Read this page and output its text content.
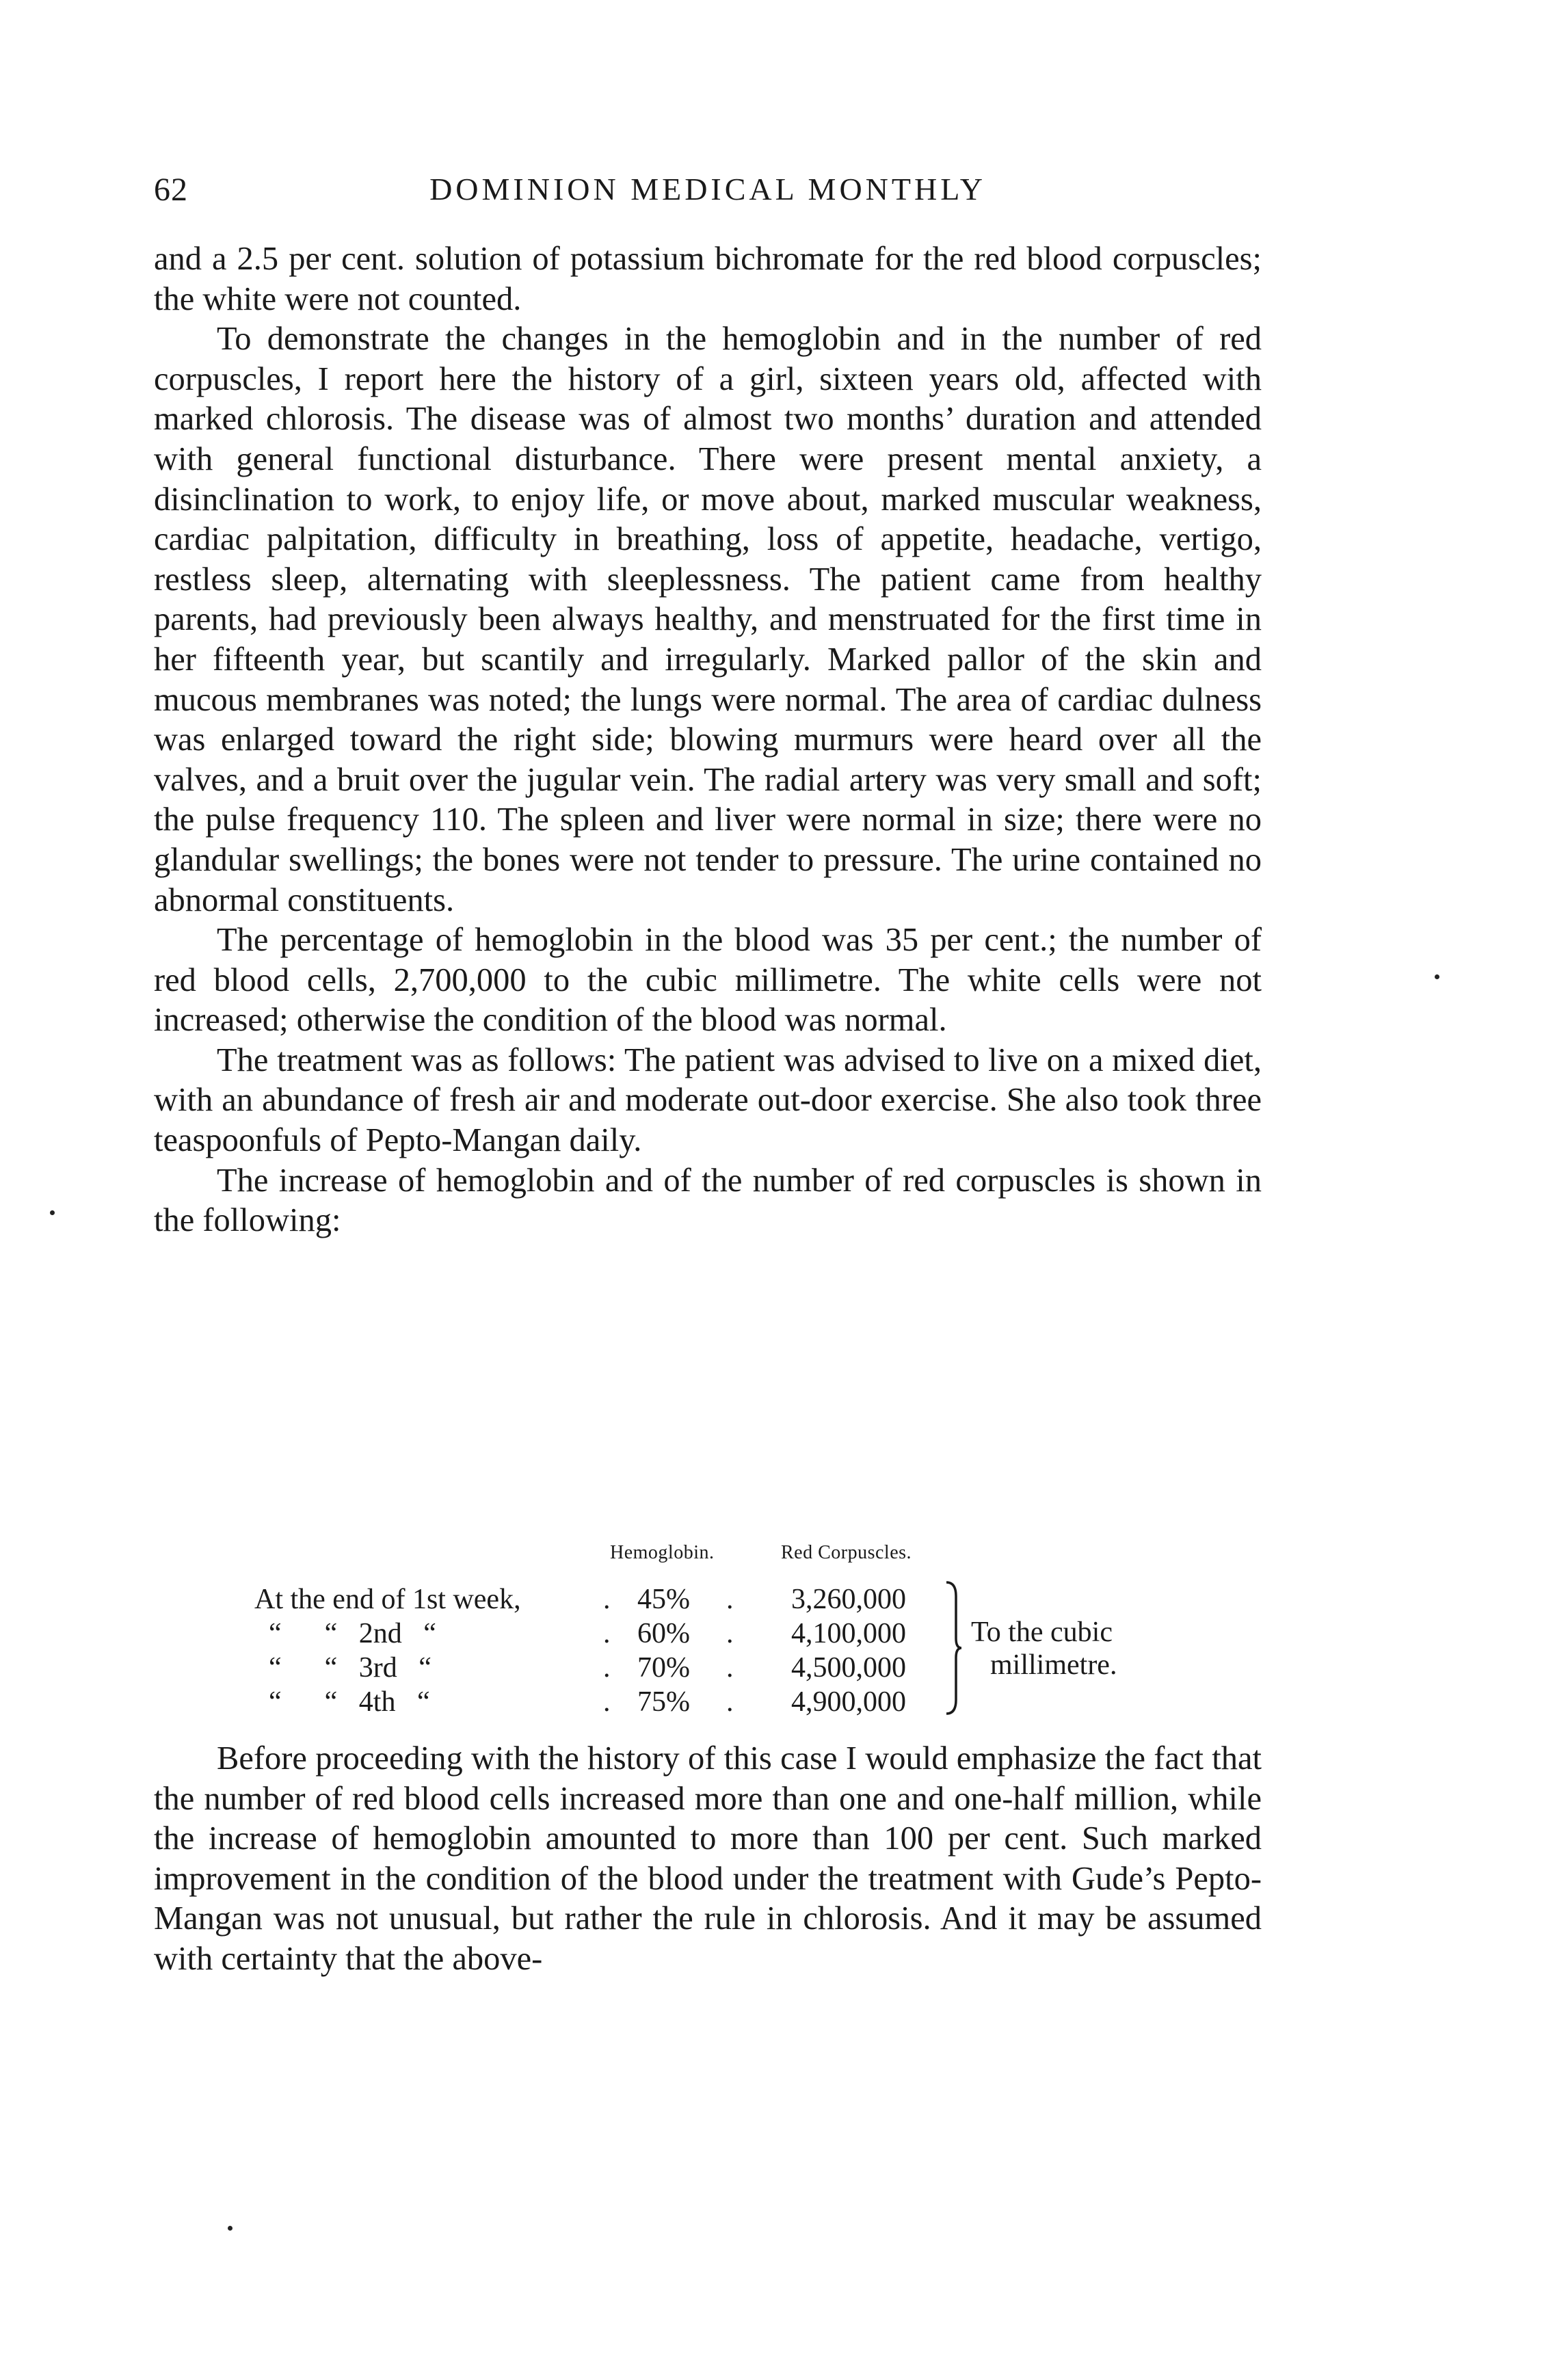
62	DOMINION MEDICAL MONTHLY

and a 2.5 per cent. solution of potassium bichromate for the red blood corpuscles; the white were not counted.

To demonstrate the changes in the hemoglobin and in the number of red corpuscles, I report here the history of a girl, sixteen years old, affected with marked chlorosis. The disease was of almost two months’ duration and attended with general functional disturbance. There were present mental anxiety, a disinclination to work, to enjoy life, or move about, marked muscular weakness, cardiac palpitation, difficulty in breathing, loss of appetite, headache, vertigo, restless sleep, alternating with sleeplessness. The patient came from healthy parents, had previously been always healthy, and menstruated for the first time in her fifteenth year, but scantily and irregularly. Marked pallor of the skin and mucous membranes was noted; the lungs were normal. The area of cardiac dulness was enlarged toward the right side; blowing murmurs were heard over all the valves, and a bruit over the jugular vein. The radial artery was very small and soft; the pulse frequency 110. The spleen and liver were normal in size; there were no glandular swellings; the bones were not tender to pressure. The urine contained no abnormal constituents.

The percentage of hemoglobin in the blood was 35 per cent.; the number of red blood cells, 2,700,000 to the cubic millimetre. The white cells were not increased; otherwise the condition of the blood was normal.

The treatment was as follows: The patient was advised to live on a mixed diet, with an abundance of fresh air and moderate out-door exercise. She also took three teaspoonfuls of Pepto-Mangan daily.

The increase of hemoglobin and of the number of red corpuscles is shown in the following:

Hemoglobin.	Red Corpuscles.
At the end of 1st week,	. 45% . 3,260,000
“      “   2nd   “	. 60% . 4,100,000
“      “   3rd   “	. 70% . 4,500,000
“      “   4th   “	. 75% . 4,900,000
To the cubic
millimetre.

Before proceeding with the history of this case I would emphasize the fact that the number of red blood cells increased more than one and one-half million, while the increase of hemoglobin amounted to more than 100 per cent. Such marked improvement in the condition of the blood under the treatment with Gude’s Pepto-Mangan was not unusual, but rather the rule in chlorosis. And it may be assumed with certainty that the above-
